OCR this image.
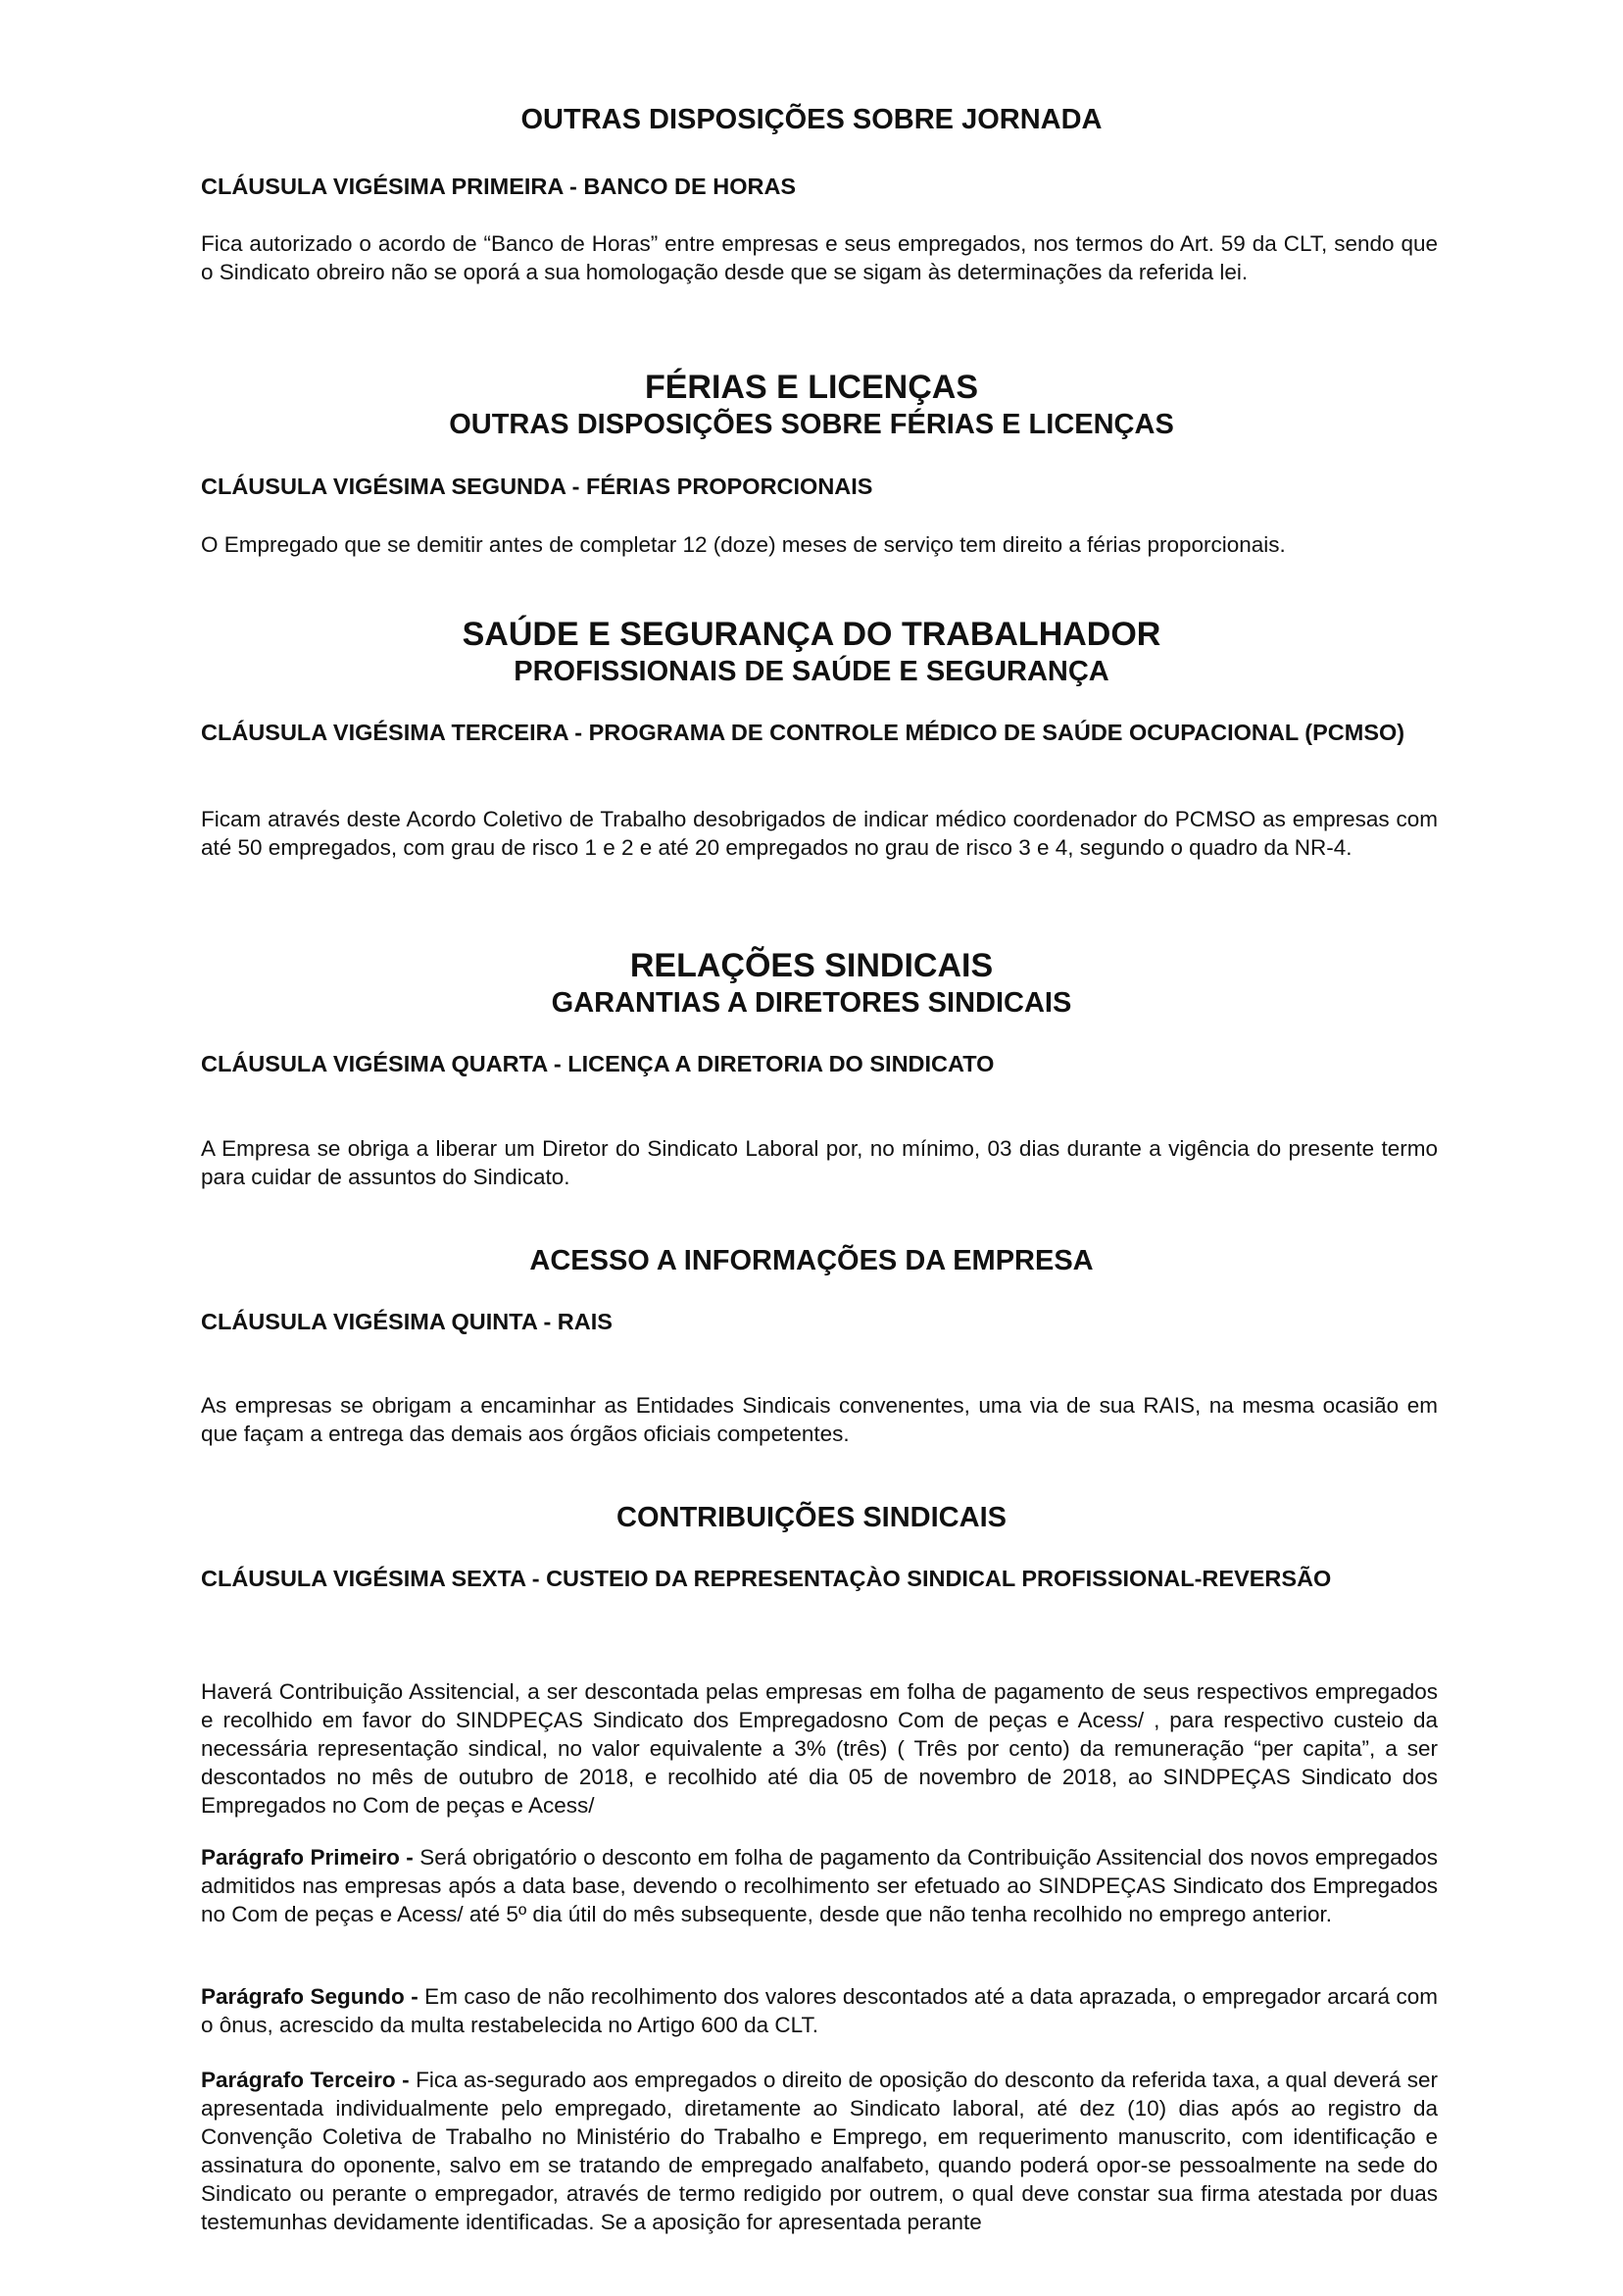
OUTRAS DISPOSIÇÕES SOBRE JORNADA
CLÁUSULA VIGÉSIMA PRIMEIRA - BANCO DE HORAS

Fica autorizado o acordo de “Banco de Horas” entre empresas e seus empregados, nos termos do Art. 59 da CLT, sendo que o Sindicato obreiro não se oporá a sua homologação desde que se sigam às determinações da referida lei.

FÉRIAS E LICENÇAS
OUTRAS DISPOSIÇÕES SOBRE FÉRIAS E LICENÇAS
CLÁUSULA VIGÉSIMA SEGUNDA - FÉRIAS PROPORCIONAIS

O Empregado que se demitir antes de completar 12 (doze) meses de serviço tem direito a férias proporcionais.

SAÚDE E SEGURANÇA DO TRABALHADOR
PROFISSIONAIS DE SAÚDE E SEGURANÇA
CLÁUSULA VIGÉSIMA TERCEIRA - PROGRAMA DE CONTROLE MÉDICO DE SAÚDE OCUPACIONAL (PCMSO)

Ficam através deste Acordo Coletivo de Trabalho desobrigados de indicar médico coordenador do PCMSO as empresas com até 50 empregados, com grau de risco 1 e 2 e até 20 empregados no grau de risco 3 e 4, segundo o quadro da NR-4.

RELAÇÕES SINDICAIS
GARANTIAS A DIRETORES SINDICAIS
CLÁUSULA VIGÉSIMA QUARTA - LICENÇA A DIRETORIA DO SINDICATO

A Empresa se obriga a liberar um Diretor do Sindicato Laboral por, no mínimo, 03 dias durante a vigência do presente termo para cuidar de assuntos do Sindicato.

ACESSO A INFORMAÇÕES DA EMPRESA
CLÁUSULA VIGÉSIMA QUINTA - RAIS

As empresas se obrigam a encaminhar as Entidades Sindicais convenentes, uma via de sua RAIS, na mesma ocasião em que façam a entrega das demais aos órgãos oficiais competentes.

CONTRIBUIÇÕES SINDICAIS
CLÁUSULA VIGÉSIMA SEXTA - CUSTEIO DA REPRESENTAÇÀO SINDICAL PROFISSIONAL-REVERSÃO

Haverá Contribuição Assitencial, a ser descontada pelas empresas em folha de pagamento de seus respectivos empregados e recolhido em favor do SINDPEÇAS Sindicato dos Empregadosno Com de peças e Acess/ , para respectivo custeio da necessária representação sindical, no valor equivalente a 3% (três) ( Três por cento) da remuneração “per capita”, a ser descontados no mês de outubro de 2018, e recolhido até dia 05 de novembro de 2018, ao SINDPEÇAS Sindicato dos Empregados no Com de peças e Acess/

Parágrafo Primeiro - Será obrigatório o desconto em folha de pagamento da Contribuição Assitencial dos novos empregados admitidos nas empresas após a data base, devendo o recolhimento ser efetuado ao SINDPEÇAS Sindicato dos Empregados no Com de peças e Acess/ até 5º dia útil do mês subsequente, desde que não tenha recolhido no emprego anterior.

Parágrafo Segundo - Em caso de não recolhimento dos valores descontados até a data aprazada, o empregador arcará com o ônus, acrescido da multa restabelecida no Artigo 600 da CLT.

Parágrafo Terceiro - Fica as-segurado aos empregados o direito de oposição do desconto da referida taxa, a qual deverá ser apresentada individualmente pelo empregado, diretamente ao Sindicato laboral, até dez (10) dias após ao registro da Convenção Coletiva de Trabalho no Ministério do Trabalho e Emprego, em requerimento manuscrito, com identificação e assinatura do oponente, salvo em se tratando de empregado analfabeto, quando poderá opor-se pessoalmente na sede do Sindicato ou perante o empregador, através de termo redigido por outrem, o qual deve constar sua firma atestada por duas testemunhas devidamente identificadas. Se a aposição for apresentada perante
